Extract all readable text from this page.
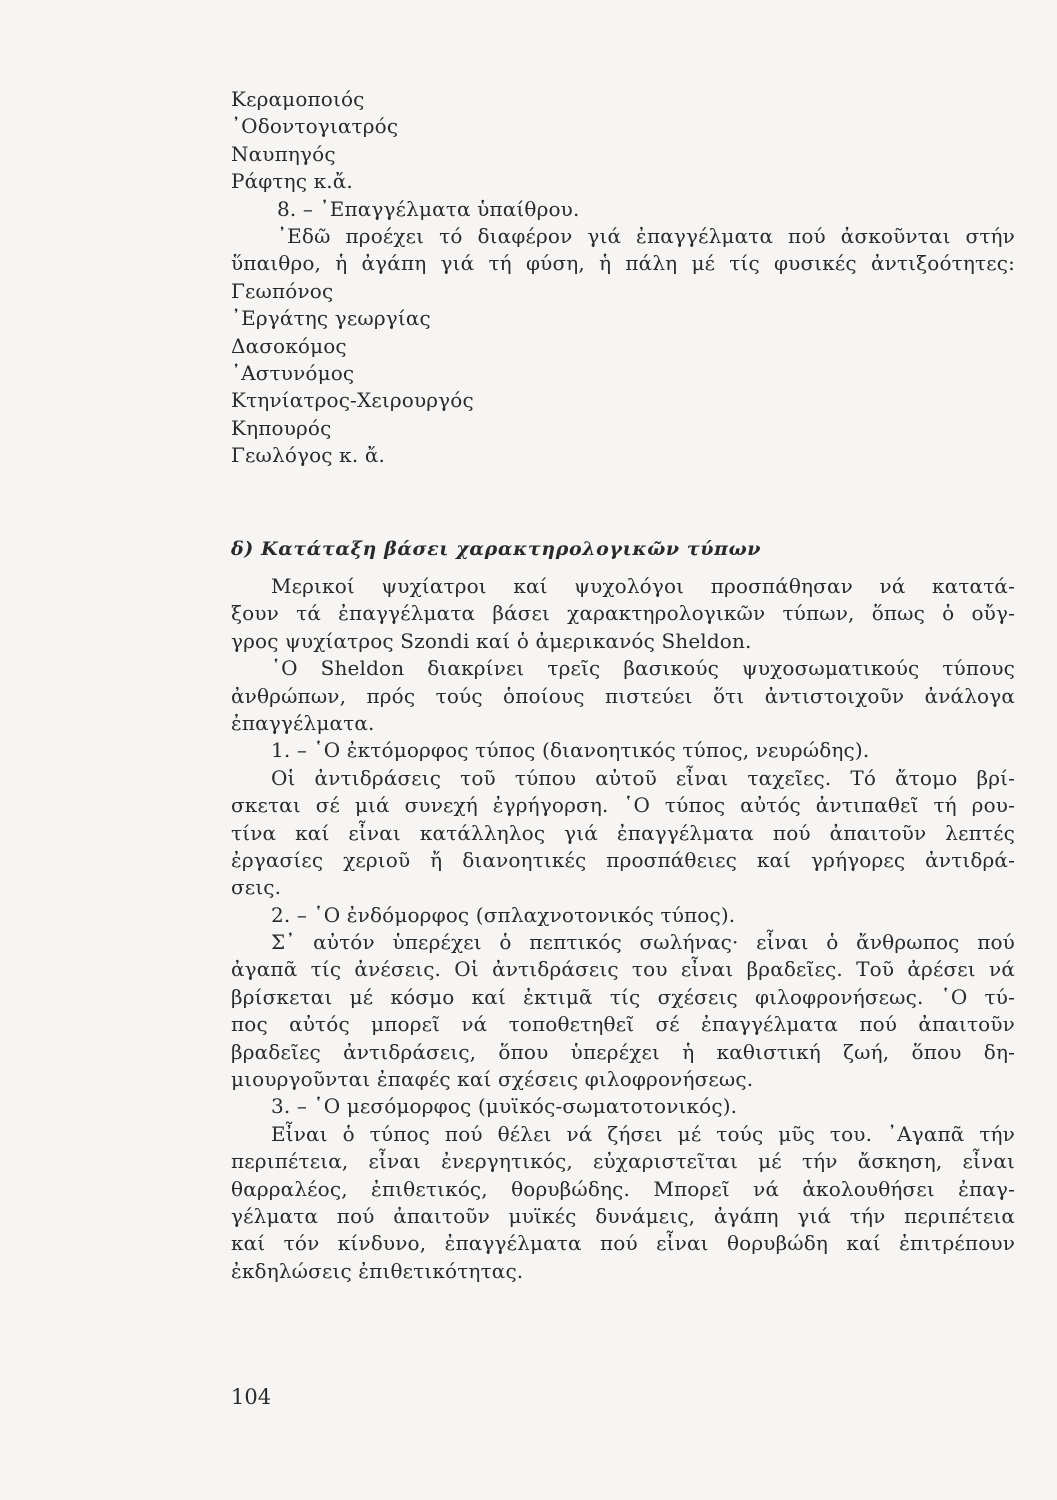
Κεραμοποιός
᾿Οδοντογιατρός
Ναυπηγός
Ράφτης κ.ἄ.
8. – ᾿Επαγγέλματα ὑπαίθρου.
᾿Εδῶ προέχει τό διαφέρον γιά ἐπαγγέλματα πού ἀσκοῦνται στήν
ὕπαιθρο, ἡ ἀγάπη γιά τή φύση, ἡ πάλη μέ τίς φυσικές ἀντιξοότητες:
Γεωπόνος
᾿Εργάτης γεωργίας
Δασοκόμος
᾿Αστυνόμος
Κτηνίατρος-Χειρουργός
Κηπουρός
Γεωλόγος κ. ἄ.
δ) Κατάταξη βάσει χαρακτηρολογικῶν τύπων
Μερικοί ψυχίατροι καί ψυχολόγοι προσπάθησαν νά κατατά-
ξουν τά ἐπαγγέλματα βάσει χαρακτηρολογικῶν τύπων, ὅπως ὁ οὔγ-
γρος ψυχίατρος Szondi καί ὁ ἀμερικανός Sheldon.
῾Ο Sheldon διακρίνει τρεῖς βασικούς ψυχοσωματικούς τύπους
ἀνθρώπων, πρός τούς ὁποίους πιστεύει ὅτι ἀντιστοιχοῦν ἀνάλογα
ἐπαγγέλματα.
1. – ῾Ο ἐκτόμορφος τύπος (διανοητικός τύπος, νευρώδης).
Οἱ ἀντιδράσεις τοῦ τύπου αὐτοῦ εἶναι ταχεῖες. Τό ἄτομο βρί-
σκεται σέ μιά συνεχή ἐγρήγορση. ῾Ο τύπος αὐτός ἀντιπαθεῖ τή ρου-
τίνα καί εἶναι κατάλληλος γιά ἐπαγγέλματα πού ἀπαιτοῦν λεπτές
ἐργασίες χεριοῦ ἤ διανοητικές προσπάθειες καί γρήγορες ἀντιδρά-
σεις.
2. – ῾Ο ἐνδόμορφος (σπλαχνοτονικός τύπος).
Σ᾿ αὐτόν ὑπερέχει ὁ πεπτικός σωλήνας· εἶναι ὁ ἄνθρωπος πού
ἀγαπᾶ τίς ἀνέσεις. Οἱ ἀντιδράσεις του εἶναι βραδεῖες. Τοῦ ἀρέσει νά
βρίσκεται μέ κόσμο καί ἐκτιμᾶ τίς σχέσεις φιλοφρονήσεως. ῾Ο τύ-
πος αὐτός μπορεῖ νά τοποθετηθεῖ σέ ἐπαγγέλματα πού ἀπαιτοῦν
βραδεῖες ἀντιδράσεις, ὅπου ὑπερέχει ἡ καθιστική ζωή, ὅπου δη-
μιουργοῦνται ἐπαφές καί σχέσεις φιλοφρονήσεως.
3. – ῾Ο μεσόμορφος (μυϊκός-σωματοτονικός).
Εἶναι ὁ τύπος πού θέλει νά ζήσει μέ τούς μῦς του. ᾿Αγαπᾶ τήν
περιπέτεια, εἶναι ἐνεργητικός, εὐχαριστεῖται μέ τήν ἄσκηση, εἶναι
θαρραλέος, ἐπιθετικός, θορυβώδης. Μπορεῖ νά ἀκολουθήσει ἐπαγ-
γέλματα πού ἀπαιτοῦν μυϊκές δυνάμεις, ἀγάπη γιά τήν περιπέτεια
καί τόν κίνδυνο, ἐπαγγέλματα πού εἶναι θορυβώδη καί ἐπιτρέπουν
ἐκδηλώσεις ἐπιθετικότητας.
104
